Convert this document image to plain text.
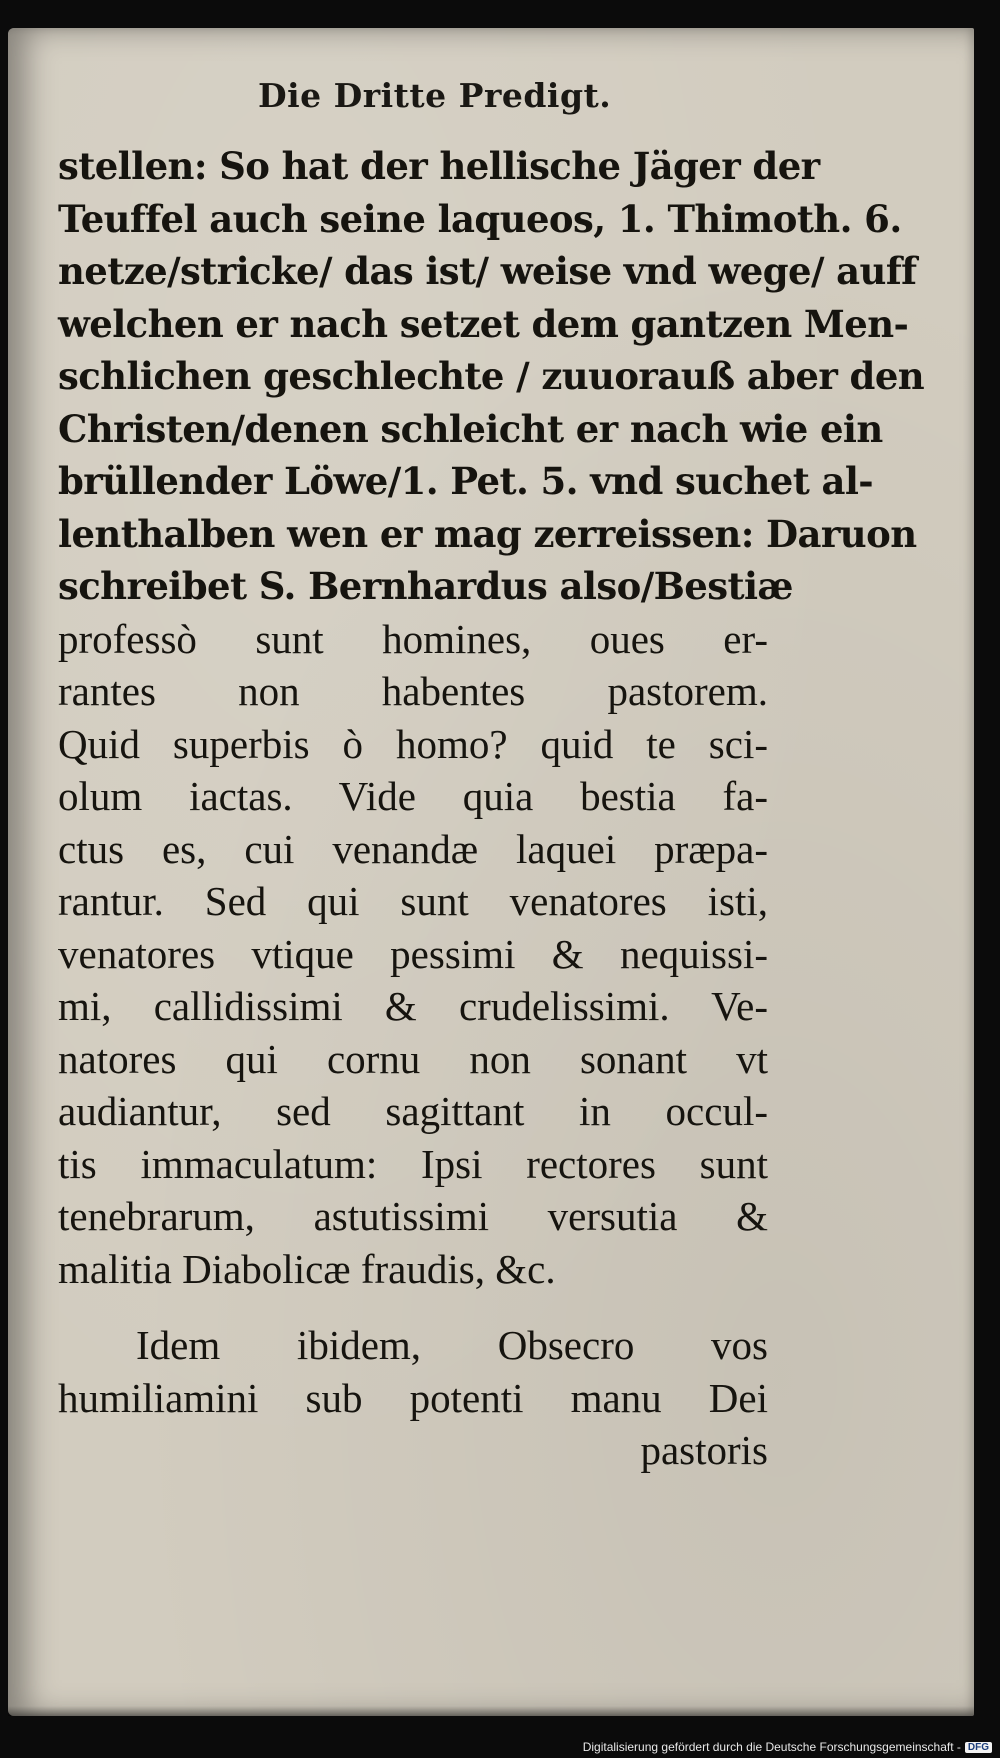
Die Dritte Predigt.
stellen: So hat der hellische Jäger der
Teuffel auch seine laqueos, 1. Thimoth. 6.
netze/stricke/ das ist/ weise vnd wege/ auff
welchen er nach setzet dem gantzen Men-
schlichen geschlechte / zuuorauß aber den
Christen/denen schleicht er nach wie ein
brüllender Löwe/1. Pet. 5. vnd suchet al-
lenthalben wen er mag zerreissen: Daruon
schreibet S. Bernhardus also/Bestiæ
professò sunt homines, oues er-
rantes non habentes pastorem.
Quid superbis ò homo? quid te sci-
olum iactas. Vide quia bestia fa-
ctus es, cui venandæ laquei præpa-
rantur. Sed qui sunt venatores isti,
venatores vtique pessimi & nequissi-
mi, callidissimi & crudelissimi. Ve-
natores qui cornu non sonant vt
audiantur, sed sagittant in occul-
tis immaculatum: Ipsi rectores sunt
tenebrarum, astutissimi versutia &
malitia Diabolicæ fraudis, &c.
Idem ibidem, Obsecro vos
humiliamini sub potenti manu Dei
pastoris
Digitalisierung gefördert durch die Deutsche Forschungsgemeinschaft - DFG
